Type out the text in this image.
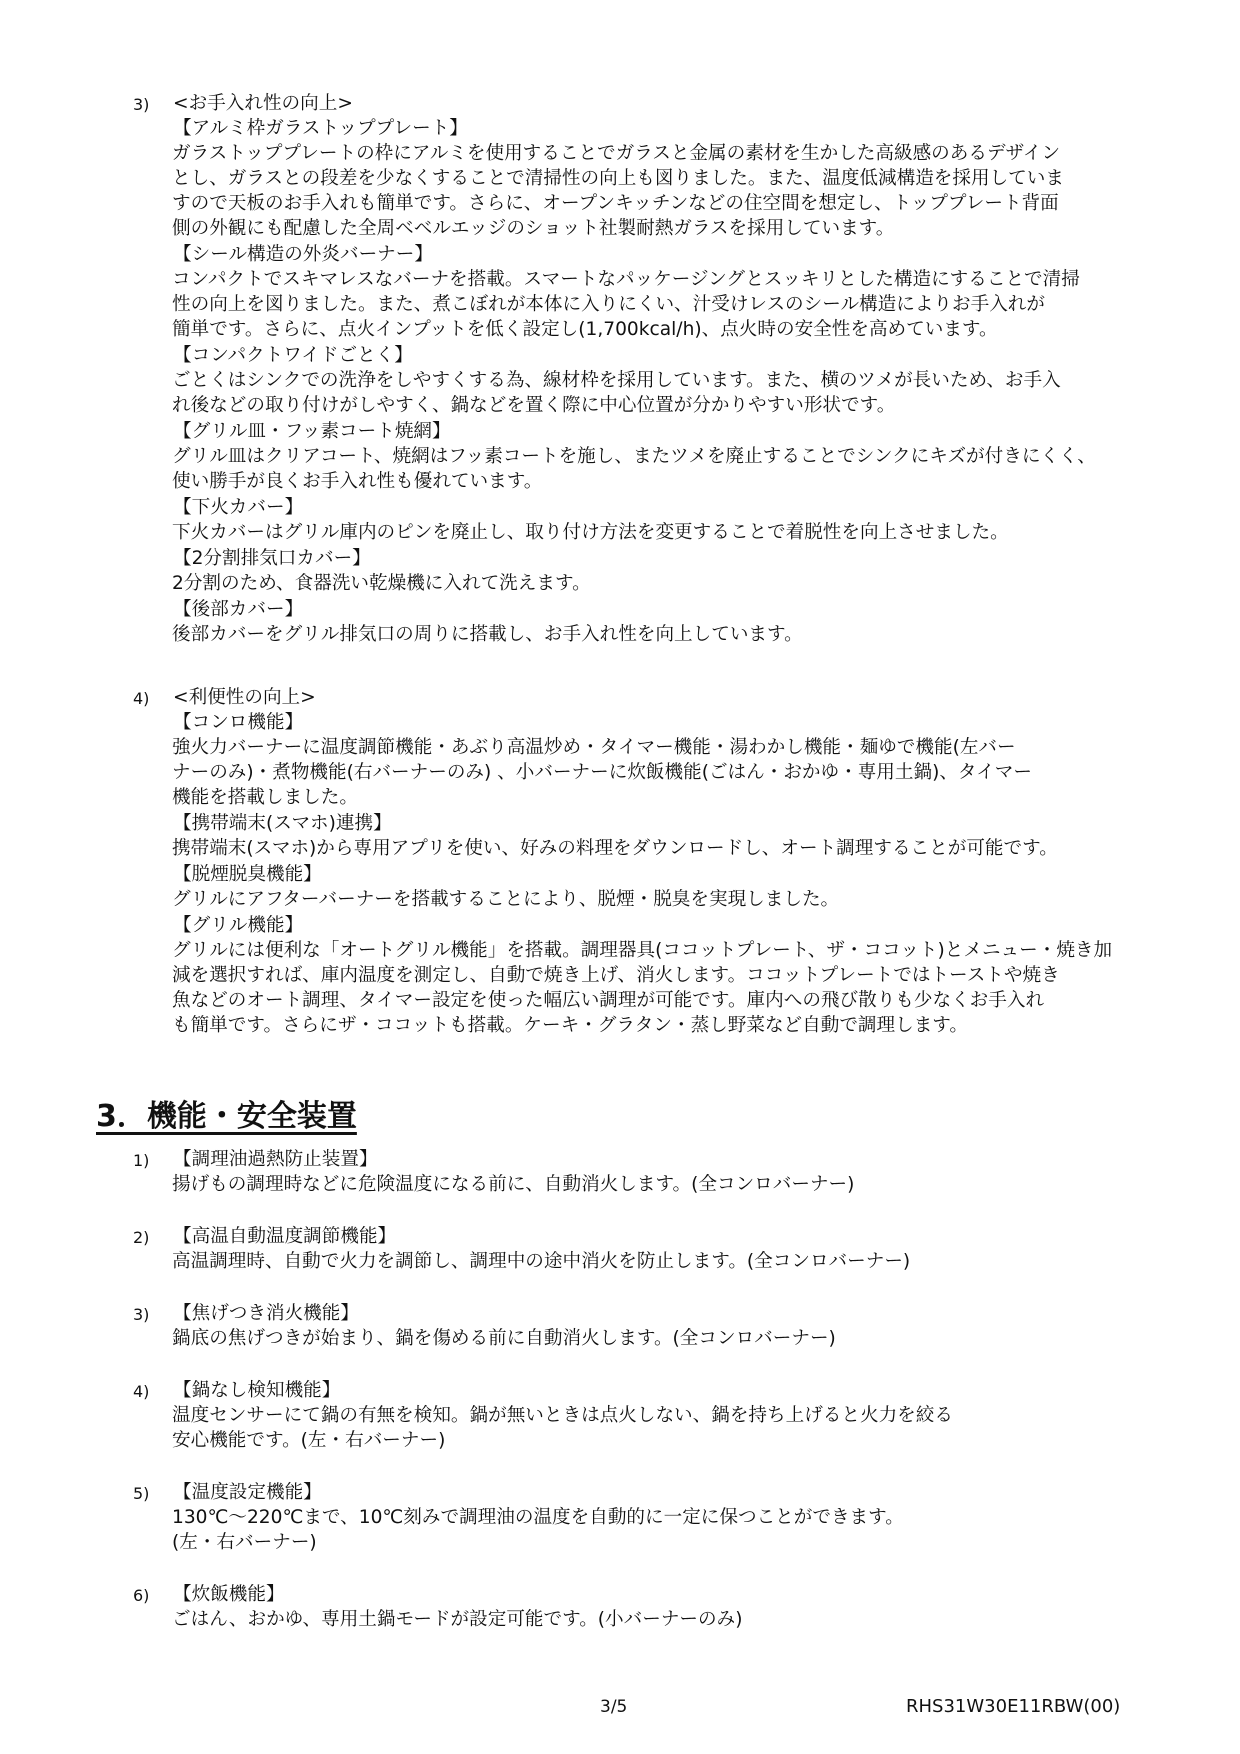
3) <お手入れ性の向上>
【アルミ枠ガラストッププレート】
ガラストッププレートの枠にアルミを使用することでガラスと金属の素材を生かした高級感のあるデザイン
とし、ガラスとの段差を少なくすることで清掃性の向上も図りました。また、温度低減構造を採用していま
すので天板のお手入れも簡単です。さらに、オープンキッチンなどの住空間を想定し、トッププレート背面
側の外観にも配慮した全周ベベルエッジのショット社製耐熱ガラスを採用しています。
【シール構造の外炎バーナー】
コンパクトでスキマレスなバーナを搭載。スマートなパッケージングとスッキリとした構造にすることで清掃
性の向上を図りました。また、煮こぼれが本体に入りにくい、汁受けレスのシール構造によりお手入れが
簡単です。さらに、点火インプットを低く設定し(1,700kcal/h)、点火時の安全性を高めています。
【コンパクトワイドごとく】
ごとくはシンクでの洗浄をしやすくする為、線材枠を採用しています。また、横のツメが長いため、お手入
れ後などの取り付けがしやすく、鍋などを置く際に中心位置が分かりやすい形状です。
【グリル皿・フッ素コート焼網】
グリル皿はクリアコート、焼網はフッ素コートを施し、またツメを廃止することでシンクにキズが付きにくく、
使い勝手が良くお手入れ性も優れています。
【下火カバー】
下火カバーはグリル庫内のピンを廃止し、取り付け方法を変更することで着脱性を向上させました。
【2分割排気口カバー】
2分割のため、食器洗い乾燥機に入れて洗えます。
【後部カバー】
後部カバーをグリル排気口の周りに搭載し、お手入れ性を向上しています。
4) <利便性の向上>
【コンロ機能】
強火力バーナーに温度調節機能・あぶり高温炒め・タイマー機能・湯わかし機能・麺ゆで機能(左バー
ナーのみ)・煮物機能(右バーナーのみ) 、小バーナーに炊飯機能(ごはん・おかゆ・専用土鍋)、タイマー
機能を搭載しました。
【携帯端末(スマホ)連携】
携帯端末(スマホ)から専用アプリを使い、好みの料理をダウンロードし、オート調理することが可能です。
【脱煙脱臭機能】
グリルにアフターバーナーを搭載することにより、脱煙・脱臭を実現しました。
【グリル機能】
グリルには便利な「オートグリル機能」を搭載。調理器具(ココットプレート、ザ・ココット)とメニュー・焼き加
減を選択すれば、庫内温度を測定し、自動で焼き上げ、消火します。ココットプレートではトーストや焼き
魚などのオート調理、タイマー設定を使った幅広い調理が可能です。庫内への飛び散りも少なくお手入れ
も簡単です。さらにザ・ココットも搭載。ケーキ・グラタン・蒸し野菜など自動で調理します。
3．機能・安全装置
1) 【調理油過熱防止装置】
揚げもの調理時などに危険温度になる前に、自動消火します。(全コンロバーナー)
2) 【高温自動温度調節機能】
高温調理時、自動で火力を調節し、調理中の途中消火を防止します。(全コンロバーナー)
3) 【焦げつき消火機能】
鍋底の焦げつきが始まり、鍋を傷める前に自動消火します。(全コンロバーナー)
4) 【鍋なし検知機能】
温度センサーにて鍋の有無を検知。鍋が無いときは点火しない、鍋を持ち上げると火力を絞る
安心機能です。(左・右バーナー)
5) 【温度設定機能】
130℃～220℃まで、10℃刻みで調理油の温度を自動的に一定に保つことができます。
(左・右バーナー)
6) 【炊飯機能】
ごはん、おかゆ、専用土鍋モードが設定可能です。(小バーナーのみ)
3/5	RHS31W30E11RBW(00)
